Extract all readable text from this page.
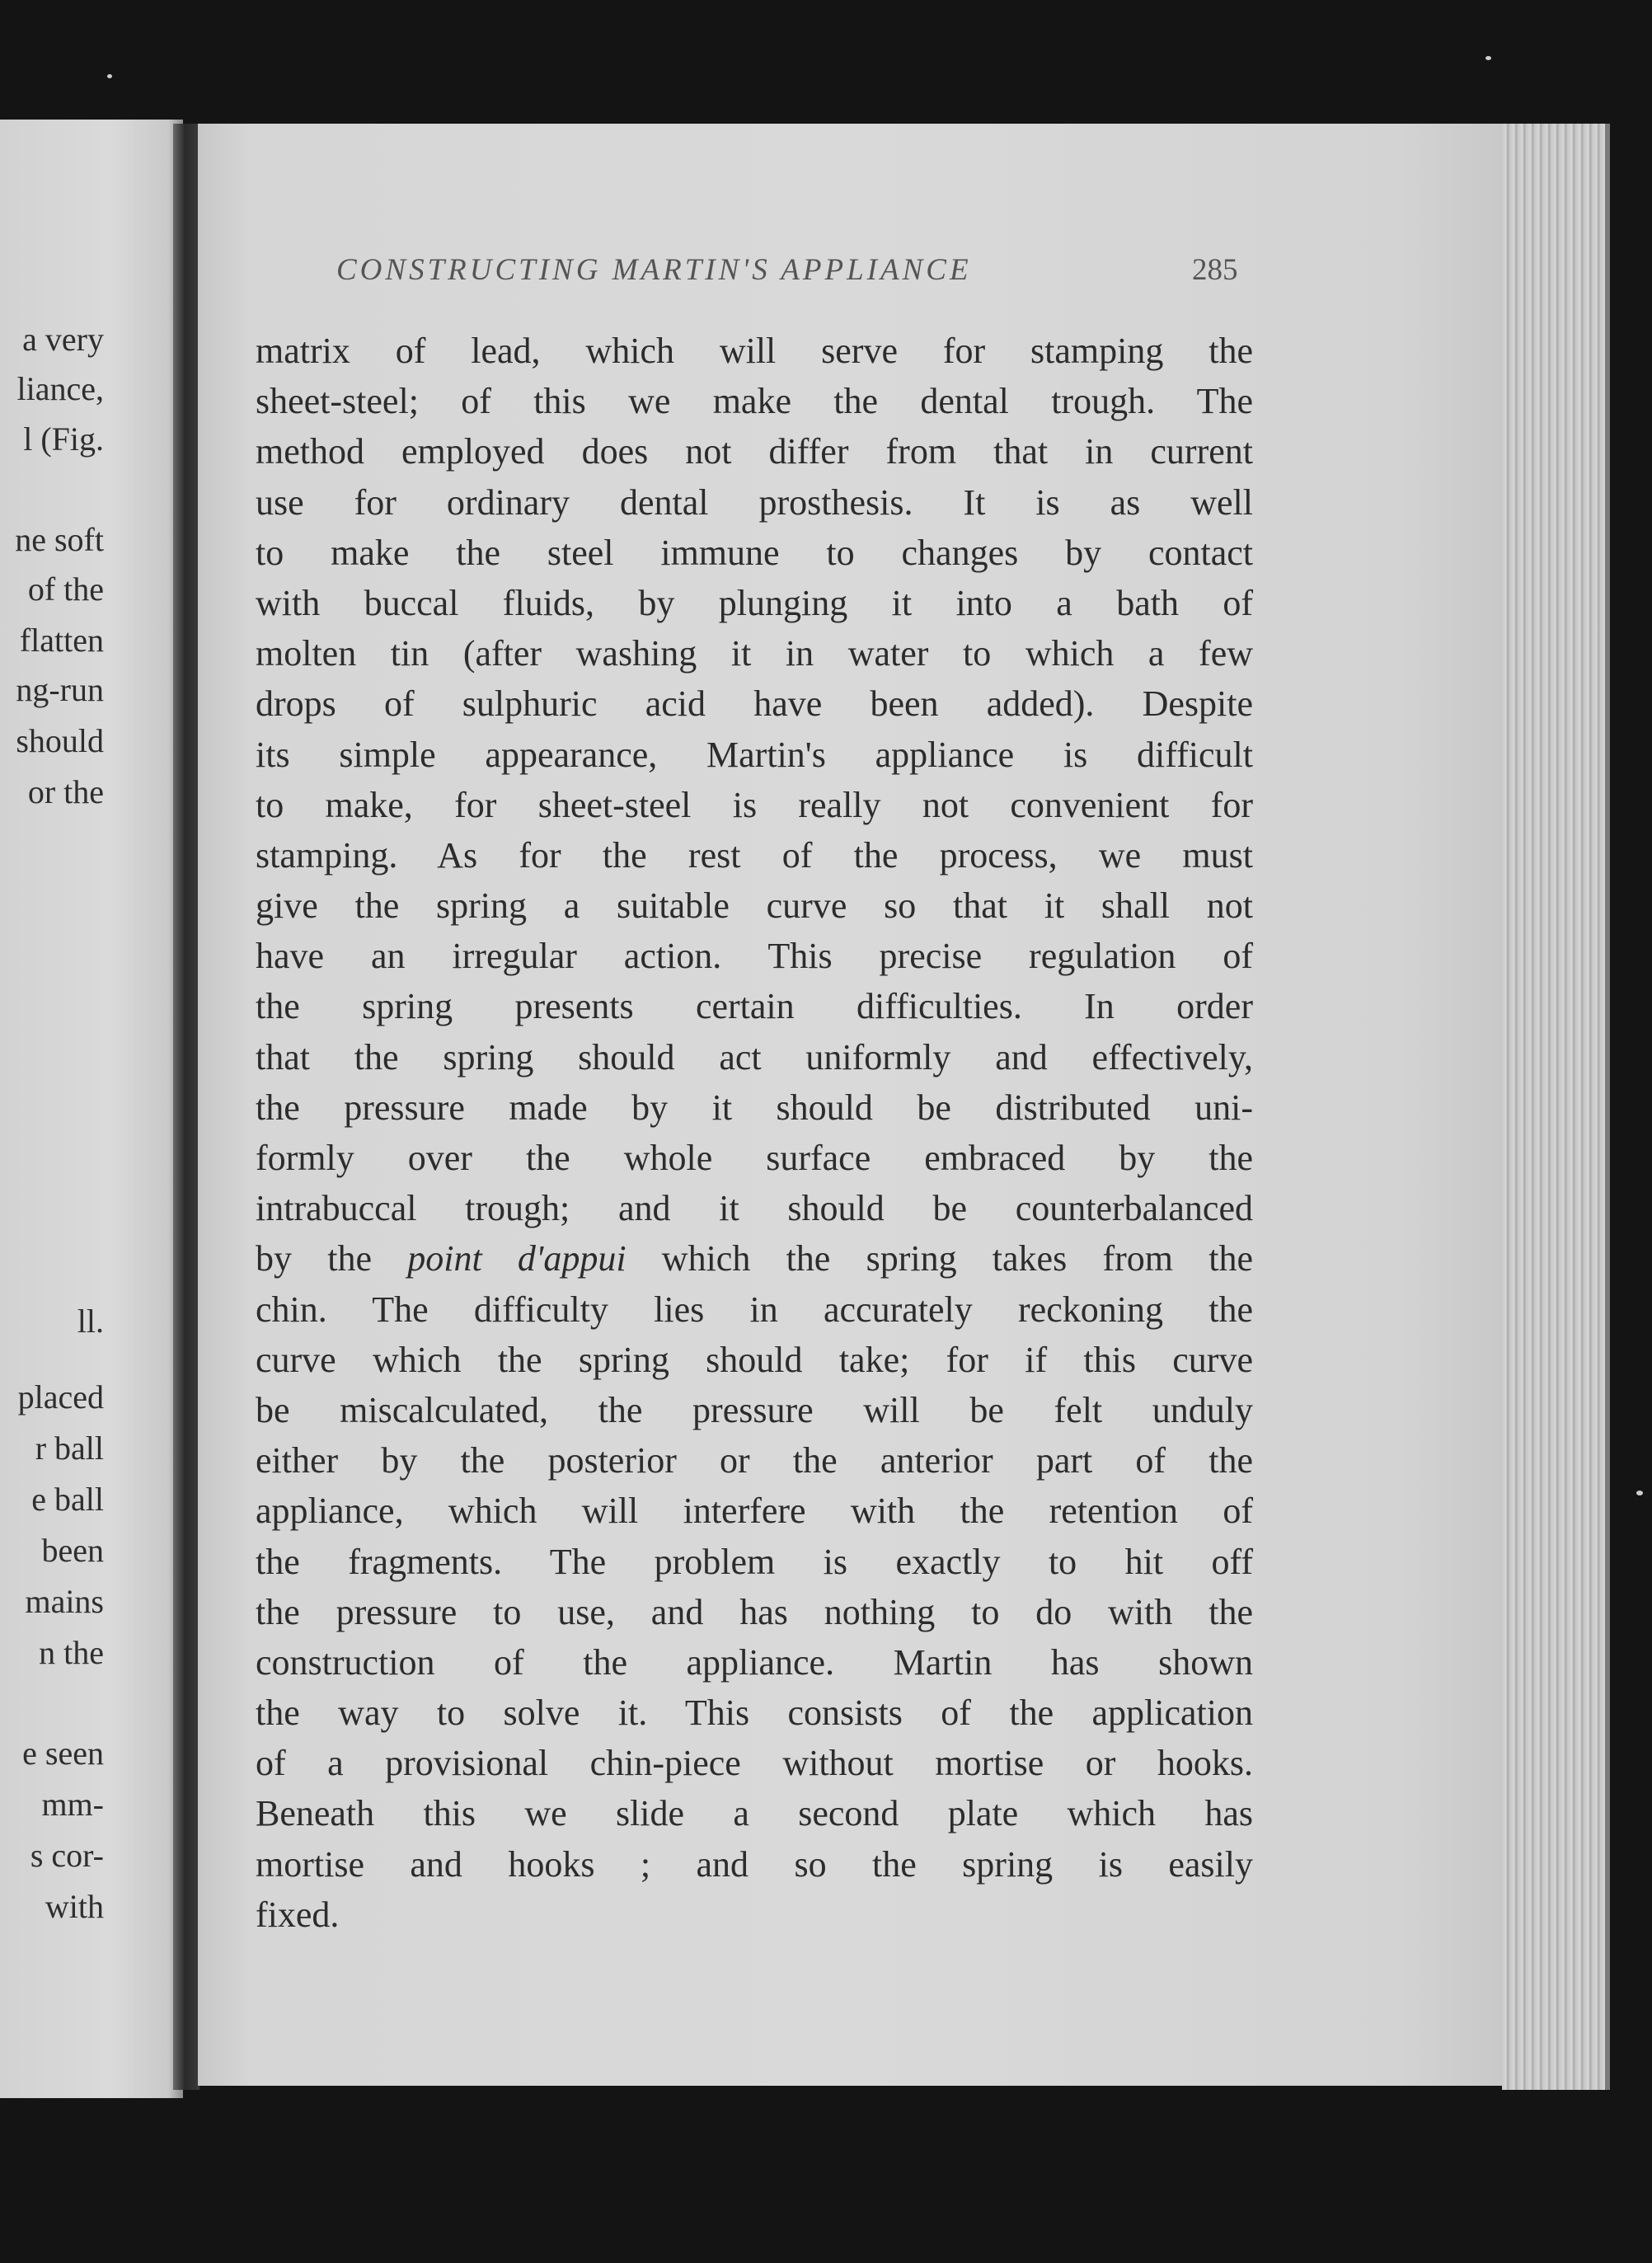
a very
liance,
l (Fig.
ne soft
of the
flatten
ng-run
should
or the
ll.
placed
r ball
e ball
been
mains
n the
e seen
mm-
s cor-
with
CONSTRUCTING MARTIN'S APPLIANCE	285
matrix of lead, which will serve for stamping the
sheet-steel; of this we make the dental trough. The
method employed does not differ from that in current
use for ordinary dental prosthesis. It is as well
to make the steel immune to changes by contact
with buccal fluids, by plunging it into a bath of
molten tin (after washing it in water to which a few
drops of sulphuric acid have been added). Despite
its simple appearance, Martin's appliance is difficult
to make, for sheet-steel is really not convenient for
stamping. As for the rest of the process, we must
give the spring a suitable curve so that it shall not
have an irregular action. This precise regulation of
the spring presents certain difficulties. In order
that the spring should act uniformly and effectively,
the pressure made by it should be distributed uni-
formly over the whole surface embraced by the
intrabuccal trough; and it should be counterbalanced
by the point d'appui which the spring takes from the
chin. The difficulty lies in accurately reckoning the
curve which the spring should take; for if this curve
be miscalculated, the pressure will be felt unduly
either by the posterior or the anterior part of the
appliance, which will interfere with the retention of
the fragments. The problem is exactly to hit off
the pressure to use, and has nothing to do with the
construction of the appliance. Martin has shown
the way to solve it. This consists of the application
of a provisional chin-piece without mortise or hooks.
Beneath this we slide a second plate which has
mortise and hooks ; and so the spring is easily
fixed.
